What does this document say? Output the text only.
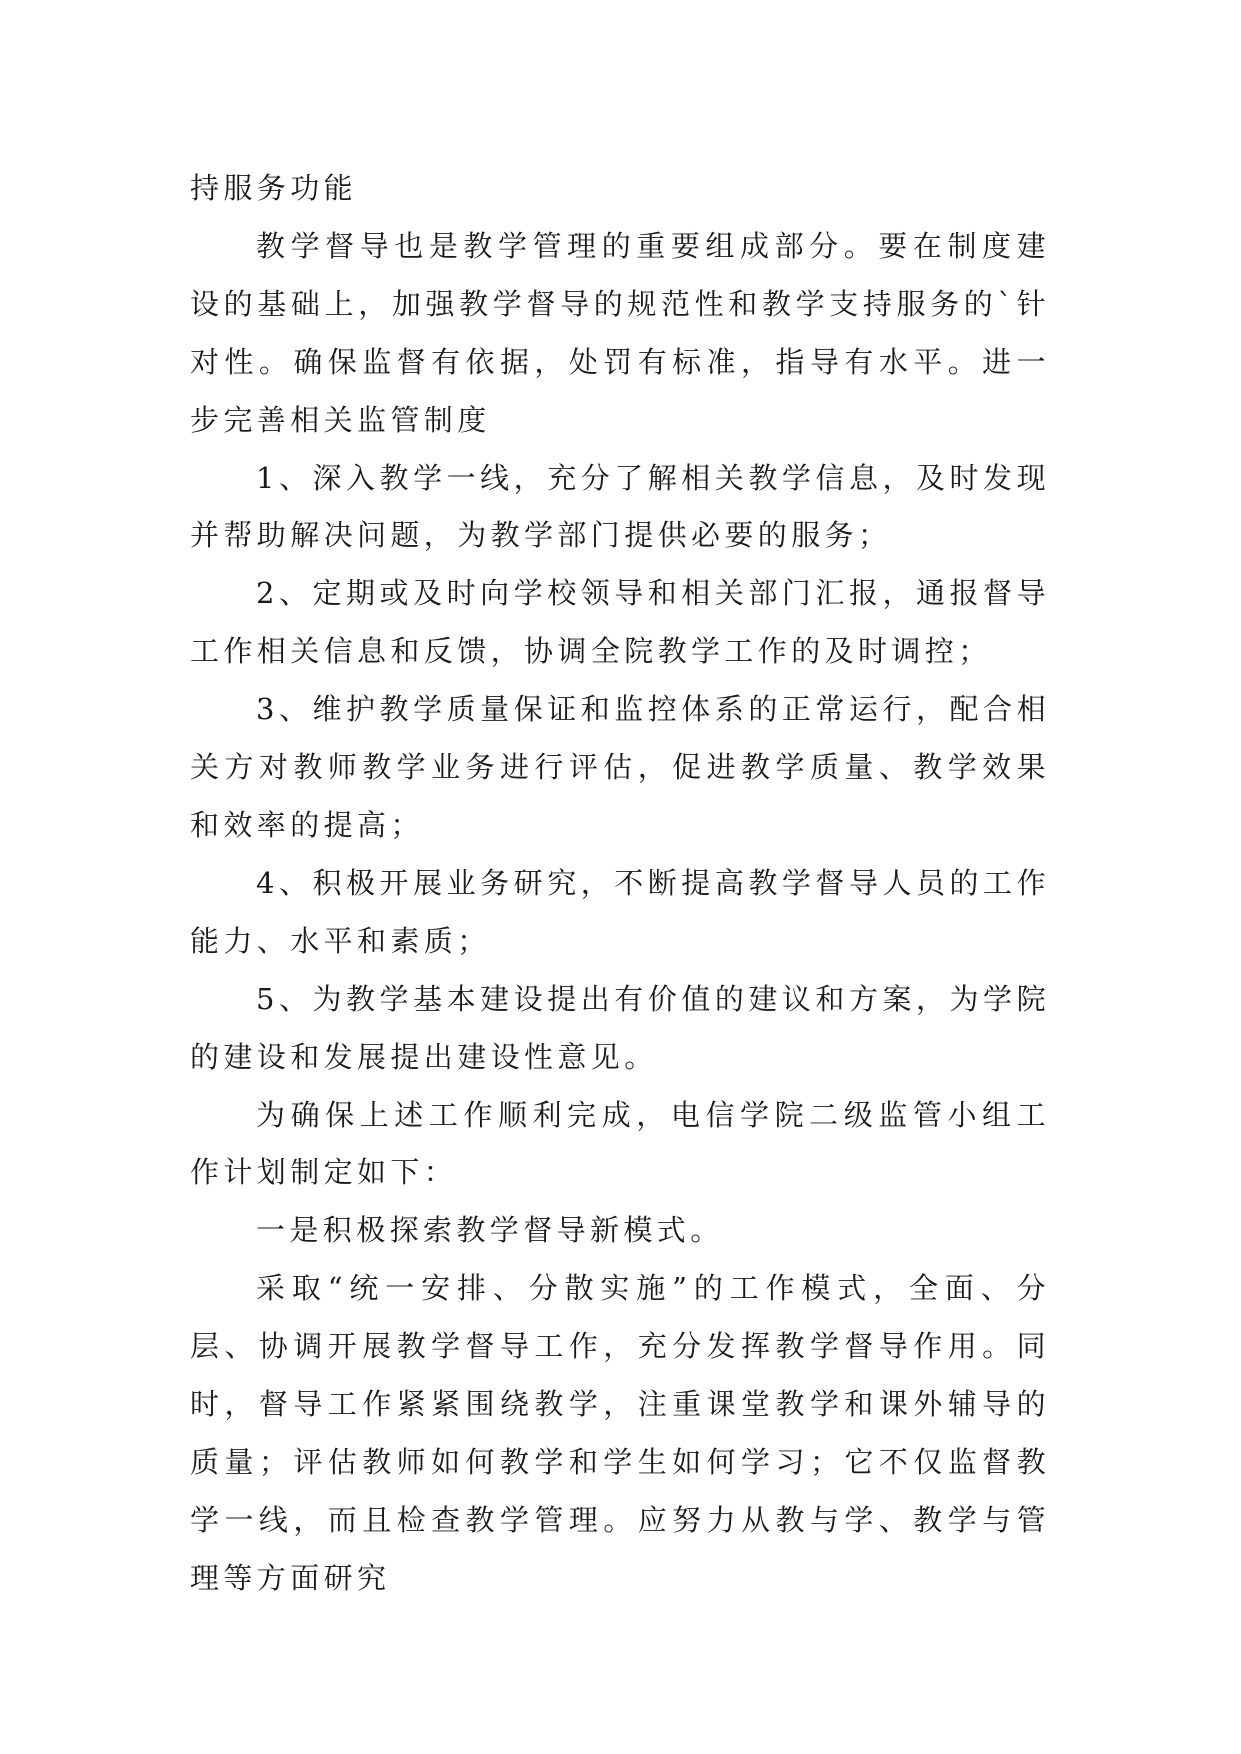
持服务功能

教学督导也是教学管理的重要组成部分。要在制度建设的基础上，加强教学督导的规范性和教学支持服务的`针对性。确保监督有依据，处罚有标准，指导有水平。进一步完善相关监管制度

1、深入教学一线，充分了解相关教学信息，及时发现并帮助解决问题，为教学部门提供必要的服务；

2、定期或及时向学校领导和相关部门汇报，通报督导工作相关信息和反馈，协调全院教学工作的及时调控；

3、维护教学质量保证和监控体系的正常运行，配合相关方对教师教学业务进行评估，促进教学质量、教学效果和效率的提高；

4、积极开展业务研究，不断提高教学督导人员的工作能力、水平和素质；

5、为教学基本建设提出有价值的建议和方案，为学院的建设和发展提出建设性意见。

为确保上述工作顺利完成，电信学院二级监管小组工作计划制定如下：

一是积极探索教学督导新模式。

采取“统一安排、分散实施”的工作模式，全面、分层、协调开展教学督导工作，充分发挥教学督导作用。同时，督导工作紧紧围绕教学，注重课堂教学和课外辅导的质量；评估教师如何教学和学生如何学习；它不仅监督教学一线，而且检查教学管理。应努力从教与学、教学与管理等方面研究
